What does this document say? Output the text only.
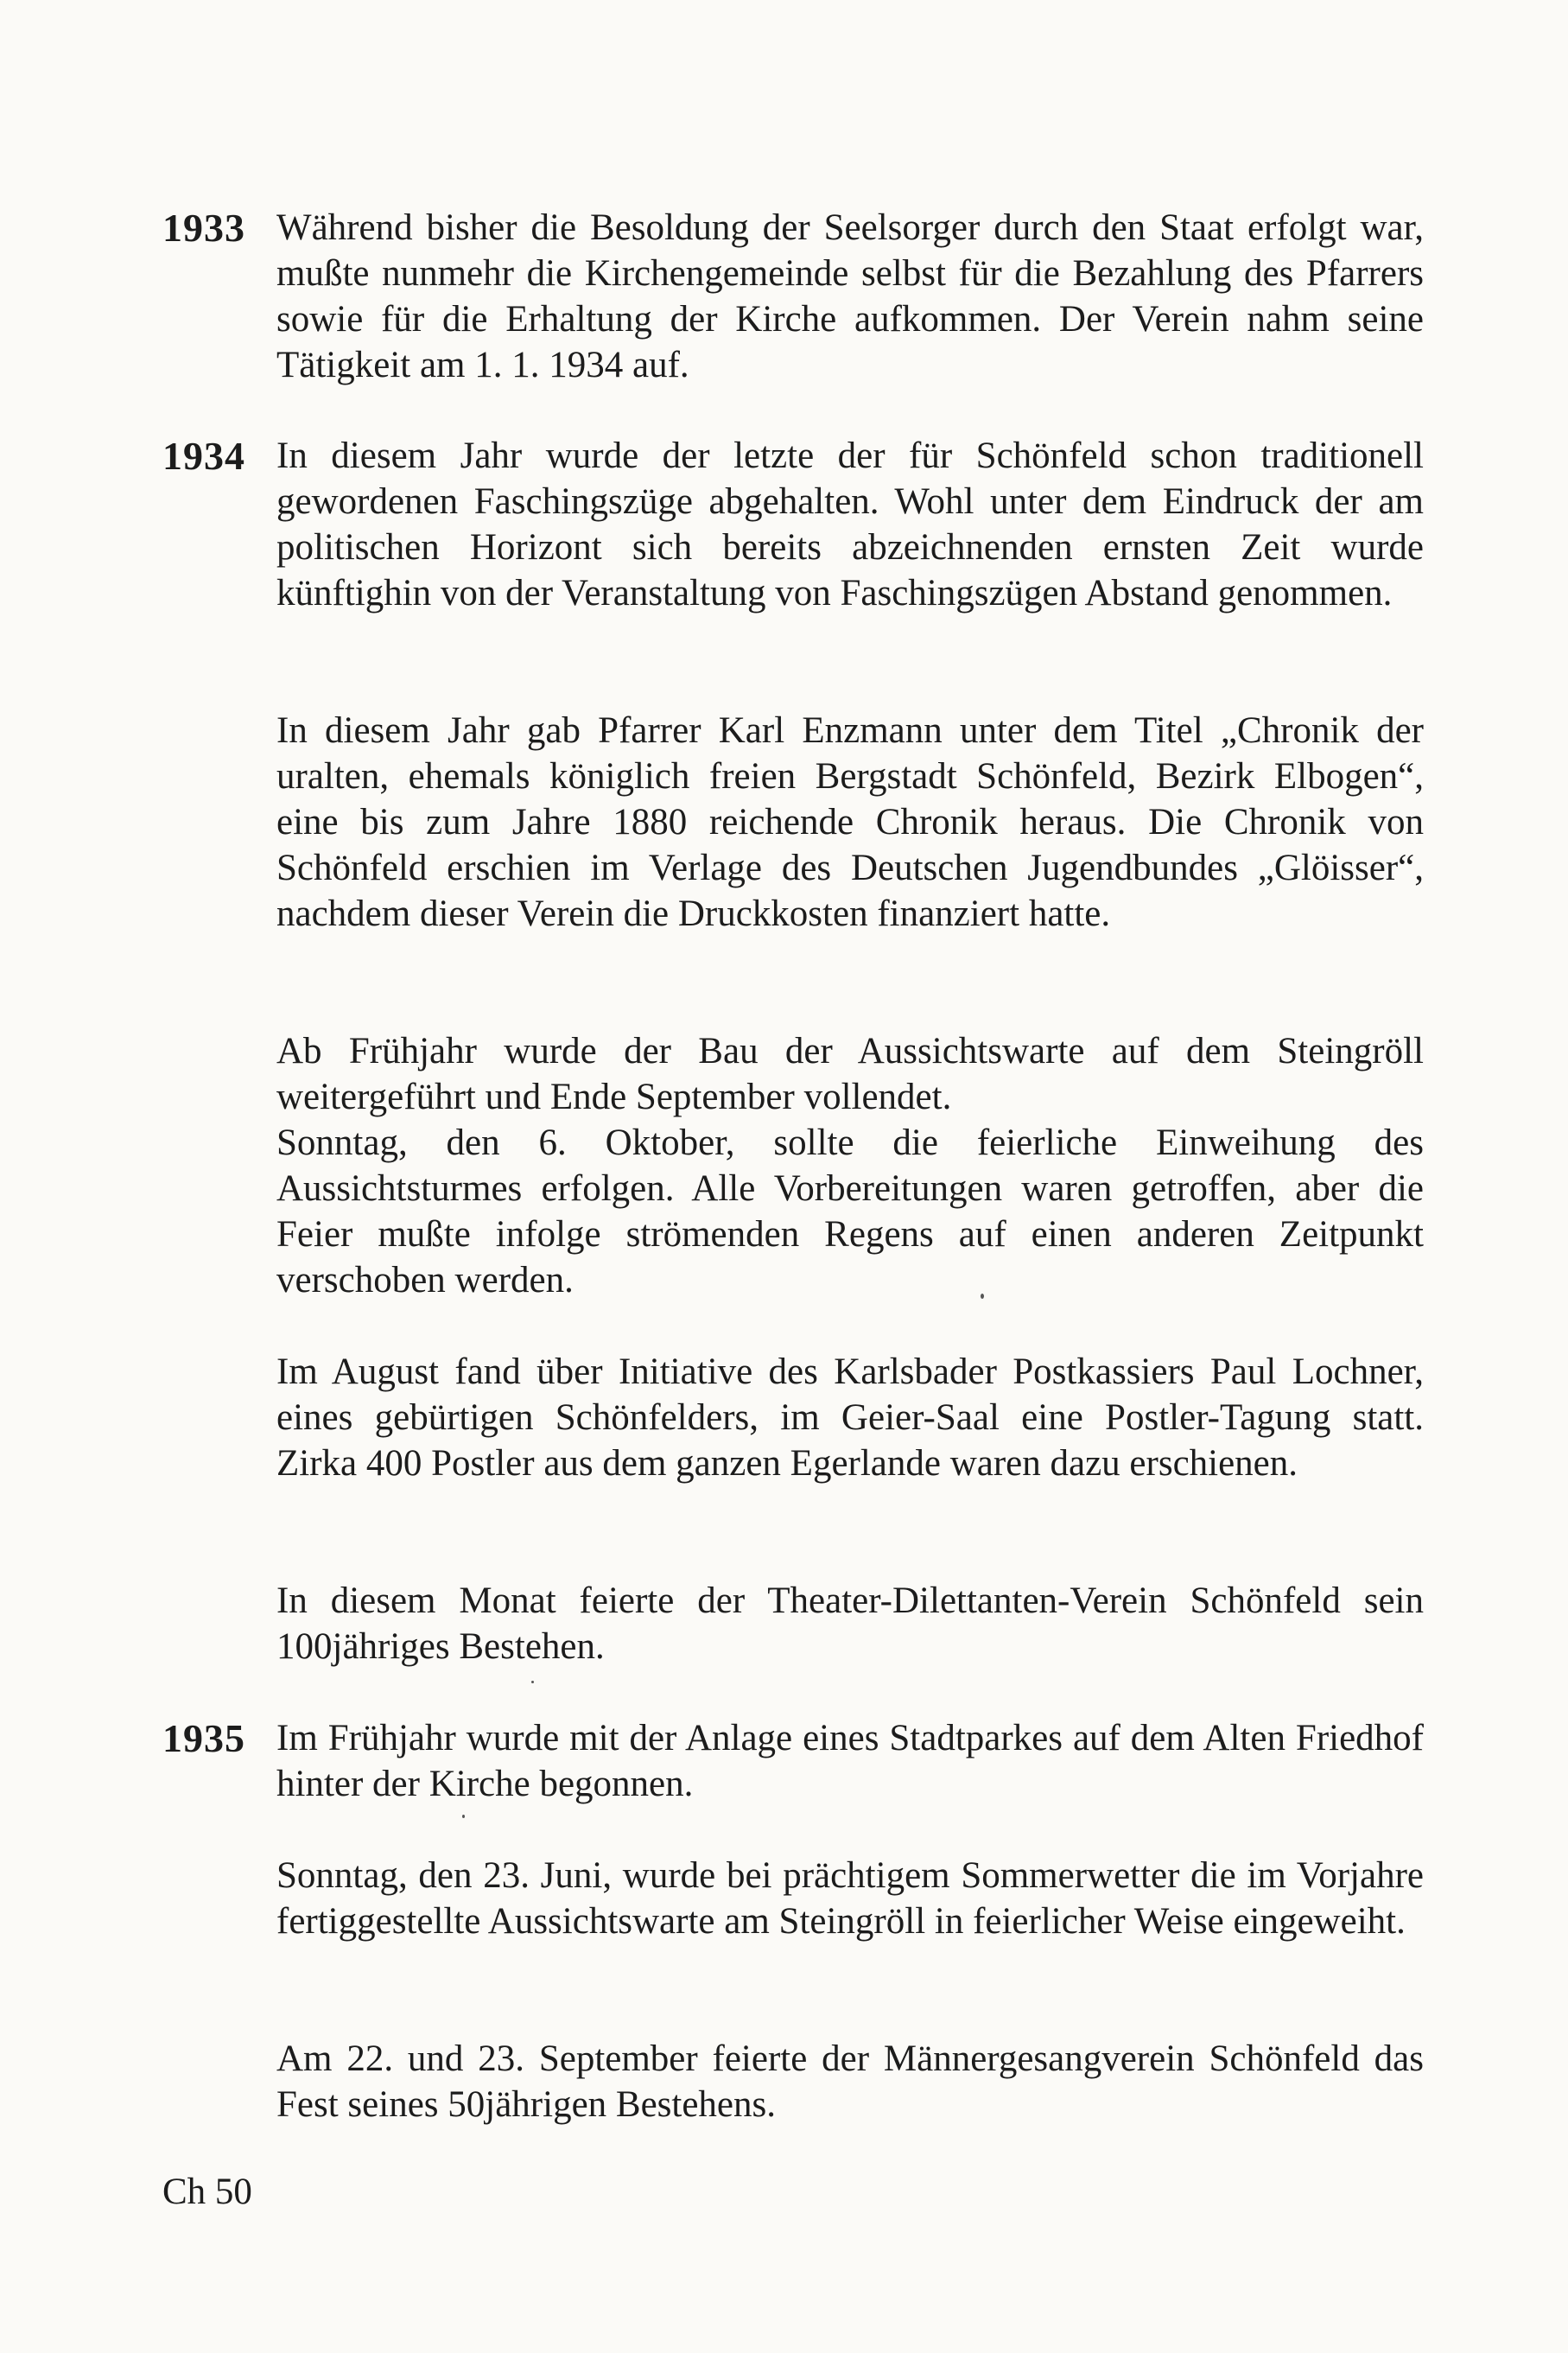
1933 Während bisher die Besoldung der Seelsorger durch den Staat erfolgt war, mußte nunmehr die Kirchengemeinde selbst für die Bezahlung des Pfarrers sowie für die Erhaltung der Kirche aufkommen. Der Verein nahm seine Tätigkeit am 1. 1. 1934 auf.

1934 In diesem Jahr wurde der letzte der für Schönfeld schon traditionell gewordenen Faschingszüge abgehalten. Wohl unter dem Eindruck der am politischen Horizont sich bereits abzeichnenden ernsten Zeit wurde künftighin von der Veranstaltung von Faschingszügen Abstand genommen.

In diesem Jahr gab Pfarrer Karl Enzmann unter dem Titel „Chronik der uralten, ehemals königlich freien Bergstadt Schönfeld, Bezirk Elbogen“, eine bis zum Jahre 1880 reichende Chronik heraus. Die Chronik von Schönfeld erschien im Verlage des Deutschen Jugendbundes „Glöisser“, nachdem dieser Verein die Druckkosten finanziert hatte.

Ab Frühjahr wurde der Bau der Aussichtswarte auf dem Steingröll weitergeführt und Ende September vollendet.

Sonntag, den 6. Oktober, sollte die feierliche Einweihung des Aussichtsturmes erfolgen. Alle Vorbereitungen waren getroffen, aber die Feier mußte infolge strömenden Regens auf einen anderen Zeitpunkt verschoben werden.

Im August fand über Initiative des Karlsbader Postkassiers Paul Lochner, eines gebürtigen Schönfelders, im Geier-Saal eine Postler-Tagung statt. Zirka 400 Postler aus dem ganzen Egerlande waren dazu erschienen.

In diesem Monat feierte der Theater-Dilettanten-Verein Schönfeld sein 100jähriges Bestehen.

1935 Im Frühjahr wurde mit der Anlage eines Stadtparkes auf dem Alten Friedhof hinter der Kirche begonnen.

Sonntag, den 23. Juni, wurde bei prächtigem Sommerwetter die im Vorjahre fertiggestellte Aussichtswarte am Steingröll in feierlicher Weise eingeweiht.

Am 22. und 23. September feierte der Männergesangverein Schönfeld das Fest seines 50jährigen Bestehens.

Ch 50
